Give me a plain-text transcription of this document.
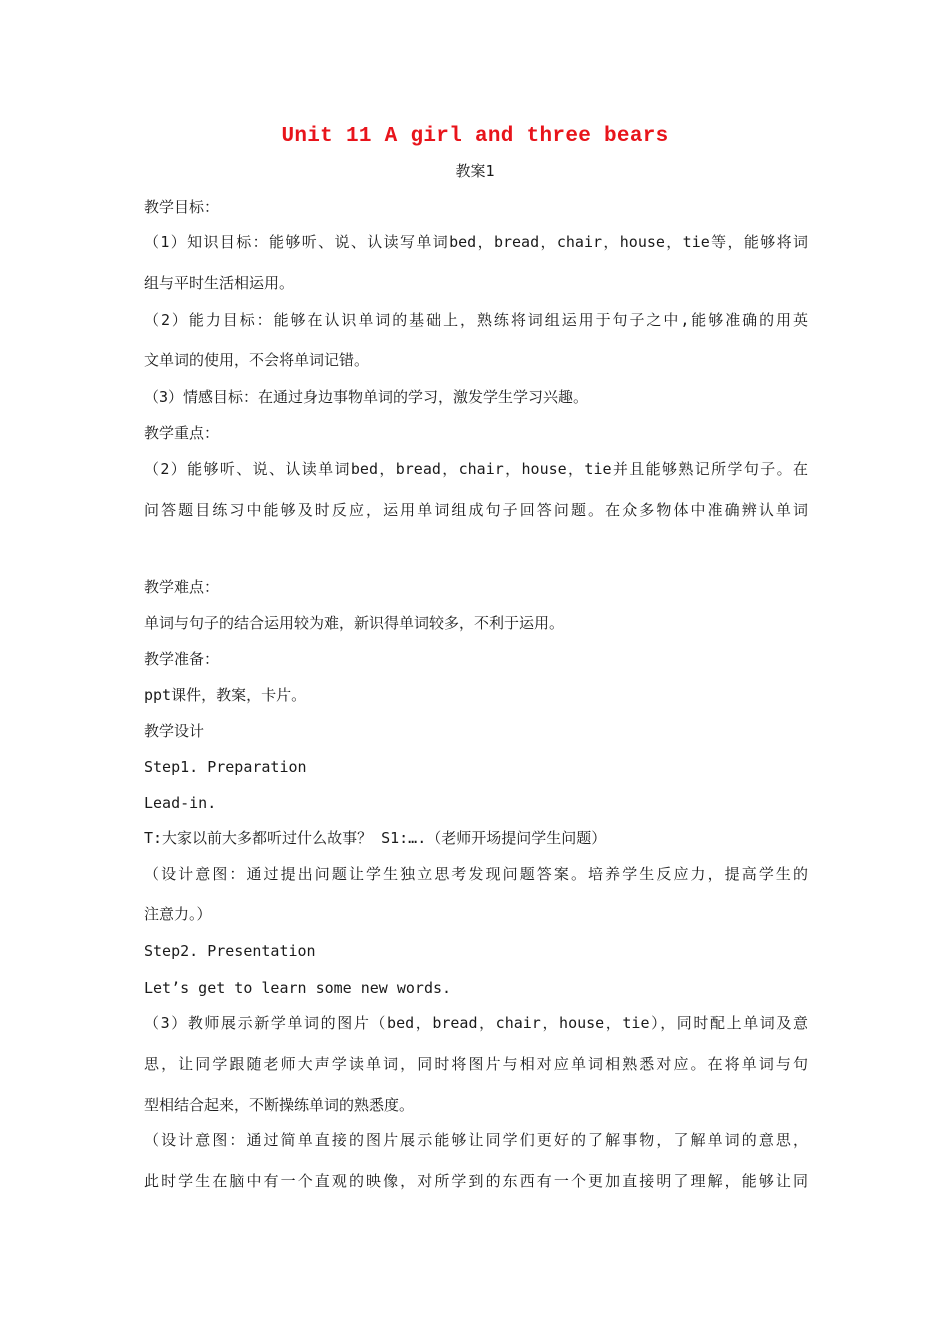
Unit 11 A girl and three bears
教案1
教学目标：
（1）知识目标：能够听、说、认读写单词bed，bread，chair，house，tie等，能够将词
组与平时生活相运用。
（2）能力目标：能够在认识单词的基础上，熟练将词组运用于句子之中,能够准确的用英
文单词的使用，不会将单词记错。
（3）情感目标：在通过身边事物单词的学习，激发学生学习兴趣。
教学重点：
（2）能够听、说、认读单词bed，bread，chair，house，tie并且能够熟记所学句子。在
问答题目练习中能够及时反应，运用单词组成句子回答问题。在众多物体中准确辨认单词
教学难点：
单词与句子的结合运用较为难，新识得单词较多，不利于运用。
教学准备：
ppt课件，教案，卡片。
教学设计
Step1. Preparation
Lead-in.
T:大家以前大多都听过什么故事？ S1:….（老师开场提问学生问题）
（设计意图：通过提出问题让学生独立思考发现问题答案。培养学生反应力，提高学生的
注意力。）
Step2. Presentation
Let’s get to learn some new words.
（3）教师展示新学单词的图片（bed，bread，chair，house，tie），同时配上单词及意
思，让同学跟随老师大声学读单词，同时将图片与相对应单词相熟悉对应。在将单词与句
型相结合起来，不断操练单词的熟悉度。
（设计意图：通过简单直接的图片展示能够让同学们更好的了解事物，了解单词的意思，
此时学生在脑中有一个直观的映像，对所学到的东西有一个更加直接明了理解，能够让同
